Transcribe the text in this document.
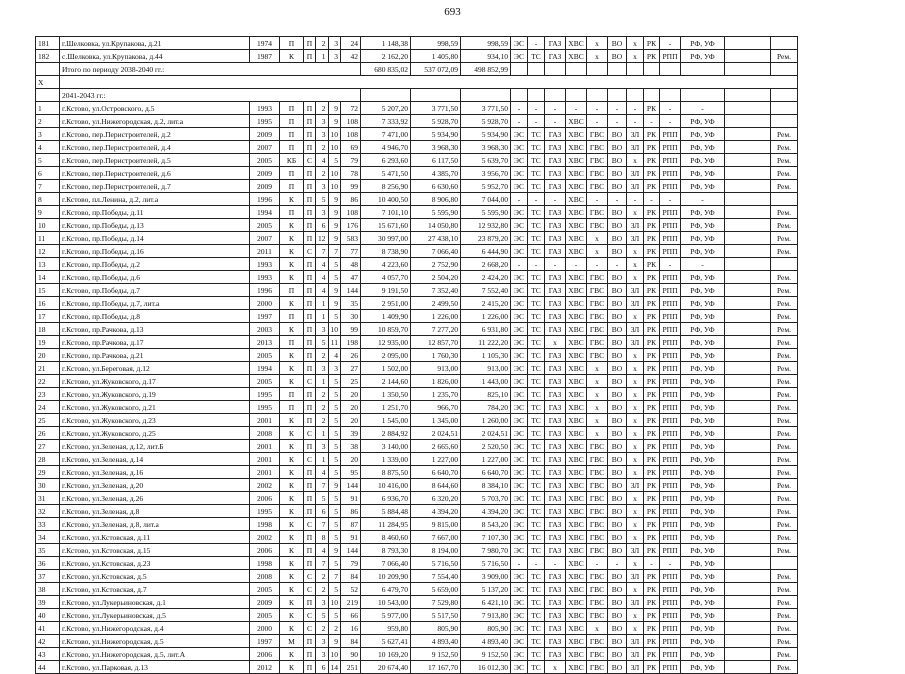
693
181	г.Шелковка, ул.Крупакова, д.21	1974	П	П	2	3	24	1 148,38	998,59	998,59	ЭС	-	ГАЗ	ХВС	х	ВО	х	РК	-	РФ, УФ		
182	с.Шелковка, ул.Крупакова, д.44	1987	К	П	1	3	42	2 162,20	1 405,80	934,10	ЭС	ТС	ГАЗ	ХВС	х	ВО	х	РК	РПП	РФ, УФ		Рем.
	Итого по периоду 2038-2040 гг.:							680 835,02	537 072,09	498 852,99												
X																						
	2041-2043 гг.:																					
1	г.Кстово, ул.Островского, д.5	1993	П	П	2	9	72	5 207,20	3 771,50	3 771,50	-	-	-	-	-	-	-	РК	-	-		
2	г.Кстово, ул.Нижегородская, д.2, лит.а	1995	П	П	3	9	108	7 333,92	5 928,70	5 928,70	-	-	-	ХВС	-	-	-	-	-	РФ, УФ		
3	г.Кстово, пер.Перистроителей, д.2	2009	П	П	3	10	108	7 471,00	5 934,90	5 934,90	ЭС	ТС	ГАЗ	ХВС	ГВС	ВО	ЗЛ	РК	РПП	РФ, УФ		Рем.
4	г.Кстово, пер.Перистроителей, д.4	2007	П	П	2	10	69	4 946,70	3 968,30	3 968,30	ЭС	ТС	ГАЗ	ХВС	ГВС	ВО	ЗЛ	РК	РПП	РФ, УФ		Рем.
5	г.Кстово, пер.Перистроителей, д.5	2005	КБ	С	4	5	79	6 293,60	6 117,50	5 639,70	ЭС	ТС	ГАЗ	ХВС	ГВС	ВО	х	РК	РПП	РФ, УФ		Рем.
6	г.Кстово, пер.Перистроителей, д.6	2009	П	П	2	10	78	5 471,50	4 385,70	3 956,70	ЭС	ТС	ГАЗ	ХВС	ГВС	ВО	ЗЛ	РК	РПП	РФ, УФ		Рем.
7	г.Кстово, пер.Перистроителей, д.7	2009	П	П	3	10	99	8 256,90	6 630,60	5 952,70	ЭС	ТС	ГАЗ	ХВС	ГВС	ВО	ЗЛ	РК	РПП	РФ, УФ		Рем.
8	г.Кстово, пл.Ленина, д.2, лит.а	1996	К	П	5	9	86	10 400,50	8 906,80	7 044,00	-	-	-	ХВС	-	-	-	-	-	-		
9	г.Кстово, пр.Победы, д.11	1994	П	П	3	9	108	7 101,10	5 595,90	5 595,90	ЭС	ТС	ГАЗ	ХВС	ГВС	ВО	х	РК	РПП	РФ, УФ		Рем.
10	г.Кстово, пр.Победы, д.13	2005	К	П	6	9	176	15 671,60	14 050,80	12 932,80	ЭС	ТС	ГАЗ	ХВС	ГВС	ВО	ЗЛ	РК	РПП	РФ, УФ		Рем.
11	г.Кстово, пр.Победы, д.14	2007	К	П	12	9	583	30 997,00	27 438,10	23 879,20	ЭС	ТС	ГАЗ	ХВС	х	ВО	ЗЛ	РК	РПП	РФ, УФ		Рем.
12	г.Кстово, пр.Победы, д.16	2011	К	С	7	7	77	8 738,90	7 066,40	6 444,90	ЭС	ТС	ГАЗ	ХВС	х	ВО	х	РК	РПП	РФ, УФ		Рем.
13	г.Кстово, пр.Победы, д.2	1993	К	П	4	5	48	4 223,60	2 752,90	2 668,20	-	-	-	-	-	-	х	РК	-	-		
14	г.Кстово, пр.Победы, д.6	1993	К	П	4	5	47	4 057,70	2 504,20	2 424,20	ЭС	ТС	ГАЗ	ХВС	ГВС	ВО	х	РК	РПП	РФ, УФ		Рем.
15	г.Кстово, пр.Победы, д.7	1996	П	П	4	9	144	9 191,50	7 352,40	7 552,40	ЭС	ТС	ГАЗ	ХВС	ГВС	ВО	ЗЛ	РК	РПП	РФ, УФ		Рем.
16	г.Кстово, пр.Победы, д.7, лит.а	2000	К	П	1	9	35	2 951,00	2 499,50	2 415,20	ЭС	ТС	ГАЗ	ХВС	ГВС	ВО	ЗЛ	РК	РПП	РФ, УФ		Рем.
17	г.Кстово, пр.Победы, д.8	1997	П	П	1	5	30	1 409,90	1 226,00	1 226,00	ЭС	ТС	ГАЗ	ХВС	ГВС	ВО	х	РК	РПП	РФ, УФ		Рем.
18	г.Кстово, пр.Рачкова, д.13	2003	К	П	3	10	99	10 859,70	7 277,20	6 931,80	ЭС	ТС	ГАЗ	ХВС	ГВС	ВО	ЗЛ	РК	РПП	РФ, УФ		Рем.
19	г.Кстово, пр.Рачкова, д.17	2013	П	П	5	11	198	12 935,00	12 857,70	11 222,20	ЭС	ТС	х	ХВС	ГВС	ВО	ЗЛ	РК	РПП	РФ, УФ		Рем.
20	г.Кстово, пр.Рачкова, д.21	2005	К	П	2	4	26	2 095,00	1 760,30	1 105,30	ЭС	ТС	ГАЗ	ХВС	ГВС	ВО	х	РК	РПП	РФ, УФ		Рем.
21	г.Кстово, ул.Береговая, д.12	1994	К	П	3	3	27	1 502,00	913,00	913,00	ЭС	ТС	ГАЗ	ХВС	х	ВО	х	РК	РПП	РФ, УФ		Рем.
22	г.Кстово, ул.Жуковского, д.17	2005	К	С	1	5	25	2 144,60	1 826,00	1 443,00	ЭС	ТС	ГАЗ	ХВС	х	ВО	х	РК	РПП	РФ, УФ		Рем.
23	г.Кстово, ул.Жуковского, д.19	1995	П	П	2	5	20	1 350,50	1 235,70	825,10	ЭС	ТС	ГАЗ	ХВС	х	ВО	х	РК	РПП	РФ, УФ		Рем.
24	г.Кстово, ул.Жуковского, д.21	1995	П	П	2	5	20	1 251,70	966,70	784,20	ЭС	ТС	ГАЗ	ХВС	х	ВО	х	РК	РПП	РФ, УФ		Рем.
25	г.Кстово, ул.Жуковского, д.23	2001	К	П	2	5	20	1 545,00	1 345,00	1 260,00	ЭС	ТС	ГАЗ	ХВС	х	ВО	х	РК	РПП	РФ, УФ		Рем.
26	г.Кстово, ул.Жуковского, д.25	2008	К	С	1	5	39	2 884,92	2 024,51	2 024,51	ЭС	ТС	ГАЗ	ХВС	х	ВО	х	РК	РПП	РФ, УФ		Рем.
27	г.Кстово, ул.Зеленая, д.12, лит.Б	2001	К	П	3	5	38	3 140,00	2 665,60	2 520,50	ЭС	ТС	ГАЗ	ХВС	ГВС	ВО	х	РК	РПП	РФ, УФ		Рем.
28	г.Кстово, ул.Зеленая, д.14	2001	К	С	1	5	20	1 339,00	1 227,00	1 227,00	ЭС	ТС	ГАЗ	ХВС	ГВС	ВО	х	РК	РПП	РФ, УФ		Рем.
29	г.Кстово, ул.Зеленая, д.16	2001	К	П	4	5	95	8 875,50	6 640,70	6 640,70	ЭС	ТС	ГАЗ	ХВС	ГВС	ВО	х	РК	РПП	РФ, УФ		Рем.
30	г.Кстово, ул.Зеленая, д.20	2002	К	П	7	9	144	10 416,00	8 644,60	8 384,10	ЭС	ТС	ГАЗ	ХВС	ГВС	ВО	ЗЛ	РК	РПП	РФ, УФ		Рем.
31	г.Кстово, ул.Зеленая, д.26	2006	К	П	5	5	91	6 936,70	6 320,20	5 703,70	ЭС	ТС	ГАЗ	ХВС	ГВС	ВО	х	РК	РПП	РФ, УФ		Рем.
32	г.Кстово, ул.Зеленая, д.8	1995	К	П	6	5	86	5 884,48	4 394,20	4 394,20	ЭС	ТС	ГАЗ	ХВС	ГВС	ВО	х	РК	РПП	РФ, УФ		Рем.
33	г.Кстово, ул.Зеленая, д.8, лит.а	1998	К	С	7	5	87	11 284,95	9 815,00	8 543,20	ЭС	ТС	ГАЗ	ХВС	ГВС	ВО	х	РК	РПП	РФ, УФ		Рем.
34	г.Кстово, ул.Кстовская, д.11	2002	К	П	8	5	91	8 460,60	7 667,00	7 107,30	ЭС	ТС	ГАЗ	ХВС	ГВС	ВО	х	РК	РПП	РФ, УФ		Рем.
35	г.Кстово, ул.Кстовская, д.15	2006	К	П	4	9	144	8 793,30	8 194,00	7 980,70	ЭС	ТС	ГАЗ	ХВС	ГВС	ВО	ЗЛ	РК	РПП	РФ, УФ		Рем.
36	г.Кстово, ул.Кстовская, д.23	1998	К	П	7	5	79	7 066,40	5 716,50	5 716,50	-	-	-	ХВС	-	-	х	-	-	РФ, УФ		
37	г.Кстово, ул.Кстовская, д.5	2008	К	С	2	7	84	10 209,90	7 554,40	3 909,00	ЭС	ТС	ГАЗ	ХВС	ГВС	ВО	ЗЛ	РК	РПП	РФ, УФ		Рем.
38	г.Кстово, ул.Кстовская, д.7	2005	К	С	2	5	52	6 479,70	5 659,00	5 137,20	ЭС	ТС	ГАЗ	ХВС	ГВС	ВО	х	РК	РПП	РФ, УФ		Рем.
39	г.Кстово, ул.Лукерьиновская, д.1	2009	К	П	3	10	219	10 543,00	7 529,80	6 421,10	ЭС	ТС	ГАЗ	ХВС	ГВС	ВО	ЗЛ	РК	РПП	РФ, УФ		Рем.
40	г.Кстово, ул.Лукерьиновская, д.5	2005	К	С	5	5	66	5 977,00	5 517,50	7 913,80	ЭС	ТС	ГАЗ	ХВС	ГВС	ВО	х	РК	РПП	РФ, УФ		Рем.
41	г.Кстово, ул.Нижегородская, д.4	2000	К	С	2	2	16	959,80	805,90	805,90	ЭС	ТС	ГАЗ	ХВС	х	ВО	х	РК	РПП	РФ, УФ		Рем.
42	г.Кстово, ул.Нижегородская, д.5	1997	М	П	3	9	84	5 627,41	4 893,40	4 893,40	ЭС	ТС	ГАЗ	ХВС	ГВС	ВО	ЗЛ	РК	РПП	РФ, УФ		Рем.
43	г.Кстово, ул.Нижегородская, д.5, лит.А	2006	К	П	3	10	90	10 169,20	9 152,50	9 152,50	ЭС	ТС	ГАЗ	ХВС	ГВС	ВО	ЗЛ	РК	РПП	РФ, УФ		Рем.
44	г.Кстово, ул.Парковая, д.13	2012	К	П	6	14	251	20 674,40	17 167,70	16 012,30	ЭС	ТС	х	ХВС	ГВС	ВО	ЗЛ	РК	РПП	РФ, УФ		Рем.
